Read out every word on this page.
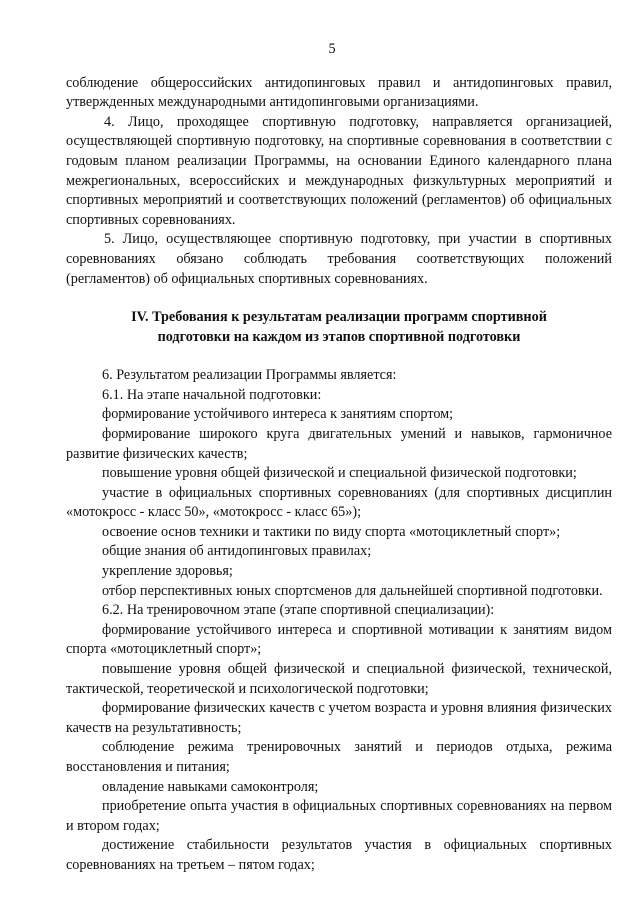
5

соблюдение общероссийских антидопинговых правил и антидопинговых правил, утвержденных международными антидопинговыми организациями.

4. Лицо, проходящее спортивную подготовку, направляется организацией, осуществляющей спортивную подготовку, на спортивные соревнования в соответствии с годовым планом реализации Программы, на основании Единого календарного плана межрегиональных, всероссийских и международных физкультурных мероприятий и спортивных мероприятий и соответствующих положений (регламентов) об официальных спортивных соревнованиях.

5. Лицо, осуществляющее спортивную подготовку, при участии в спортивных соревнованиях обязано соблюдать требования соответствующих положений (регламентов) об официальных спортивных соревнованиях.

IV. Требования к результатам реализации программ спортивной
подготовки на каждом из этапов спортивной подготовки

6. Результатом реализации Программы является:

6.1. На этапе начальной подготовки:

формирование устойчивого интереса к занятиям спортом;

формирование широкого круга двигательных умений и навыков, гармоничное развитие физических качеств;

повышение уровня общей физической и специальной физической подготовки;

участие в официальных спортивных соревнованиях (для спортивных дисциплин «мотокросс - класс 50», «мотокросс - класс 65»);

освоение основ техники и тактики по виду спорта «мотоциклетный спорт»;

общие знания об антидопинговых правилах;

укрепление здоровья;

отбор перспективных юных спортсменов для дальнейшей спортивной подготовки.

6.2. На тренировочном этапе (этапе спортивной специализации):

формирование устойчивого интереса и спортивной мотивации к занятиям видом спорта «мотоциклетный спорт»;

повышение уровня общей физической и специальной физической, технической, тактической, теоретической и психологической подготовки;

формирование физических качеств с учетом возраста и уровня влияния физических качеств на результативность;

соблюдение режима тренировочных занятий и периодов отдыха, режима восстановления и питания;

овладение навыками самоконтроля;

приобретение опыта участия в официальных спортивных соревнованиях на первом и втором годах;

достижение стабильности результатов участия в официальных спортивных соревнованиях на третьем – пятом годах;
